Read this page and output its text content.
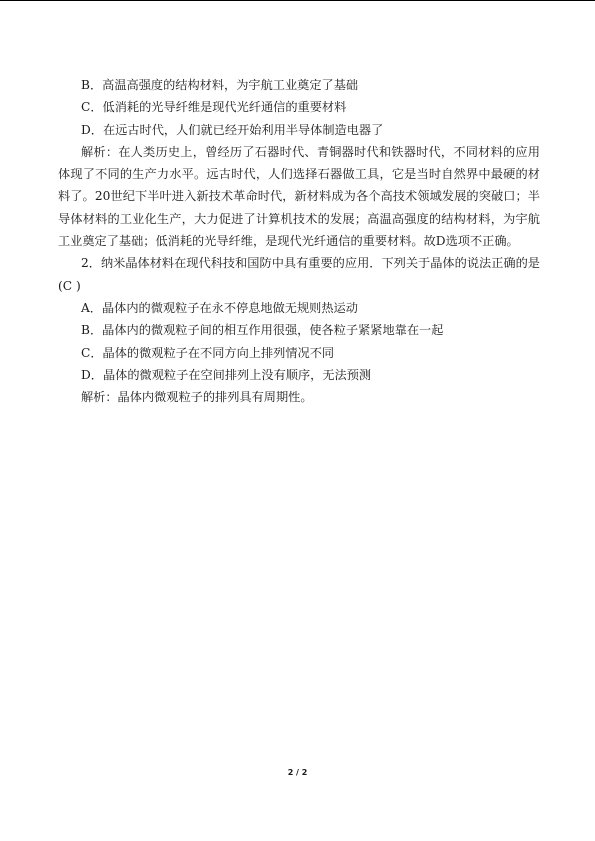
B．高温高强度的结构材料，为宇航工业奠定了基础

C．低消耗的光导纤维是现代光纤通信的重要材料

D．在远古时代，人们就已经开始利用半导体制造电器了

解析：在人类历史上，曾经历了石器时代、青铜器时代和铁器时代，不同材料的应用体现了不同的生产力水平。远古时代，人们选择石器做工具，它是当时自然界中最硬的材料了。20世纪下半叶进入新技术革命时代，新材料成为各个高技术领域发展的突破口；半导体材料的工业化生产，大力促进了计算机技术的发展；高温高强度的结构材料，为宇航工业奠定了基础；低消耗的光导纤维，是现代光纤通信的重要材料。故D选项不正确。

2．纳米晶体材料在现代科技和国防中具有重要的应用．下列关于晶体的说法正确的是(C )

A．晶体内的微观粒子在永不停息地做无规则热运动

B．晶体内的微观粒子间的相互作用很强，使各粒子紧紧地靠在一起

C．晶体的微观粒子在不同方向上排列情况不同

D．晶体的微观粒子在空间排列上没有顺序，无法预测

解析：晶体内微观粒子的排列具有周期性。

2 / 2
